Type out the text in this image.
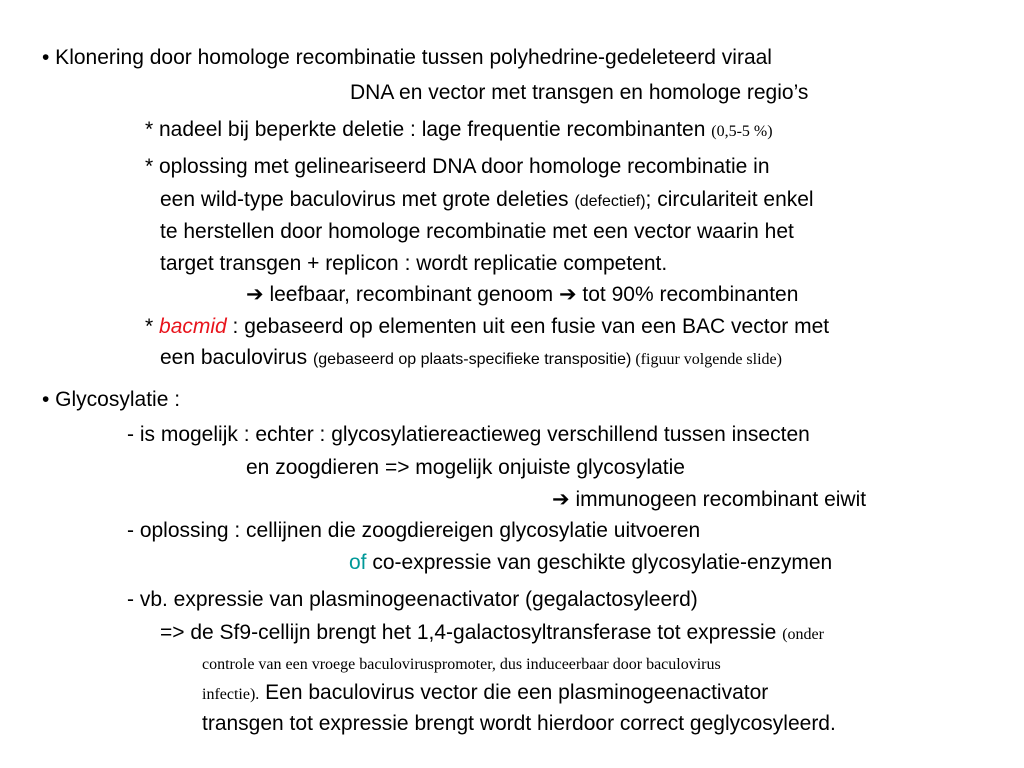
• Klonering door homologe recombinatie tussen polyhedrine-gedeleteerd viraal
DNA en vector met transgen en homologe regio’s
* nadeel bij beperkte deletie : lage frequentie recombinanten (0,5-5 %)
* oplossing met gelineariseerd DNA door homologe recombinatie in
een wild-type baculovirus met grote deleties (defectief); circulariteit enkel
te herstellen door homologe recombinatie met een vector waarin het
target transgen + replicon : wordt replicatie competent.
➔ leefbaar, recombinant genoom ➔ tot 90% recombinanten
* bacmid : gebaseerd op elementen uit een fusie van een BAC vector met
een baculovirus (gebaseerd op plaats-specifieke transpositie) (figuur volgende slide)
• Glycosylatie :
- is mogelijk : echter : glycosylatiereactieweg verschillend tussen insecten
en zoogdieren => mogelijk onjuiste glycosylatie
➔ immunogeen recombinant eiwit
- oplossing : cellijnen die zoogdiereigen glycosylatie uitvoeren
of co-expressie van geschikte glycosylatie-enzymen
- vb. expressie van plasminogeenactivator (gegalactosyleerd)
=> de Sf9-cellijn brengt het 1,4-galactosyltransferase tot expressie (onder
controle van een vroege baculoviruspromoter, dus induceerbaar door baculovirus
infectie). Een baculovirus vector die een plasminogeenactivator
transgen tot expressie brengt wordt hierdoor correct geglycosyleerd.
